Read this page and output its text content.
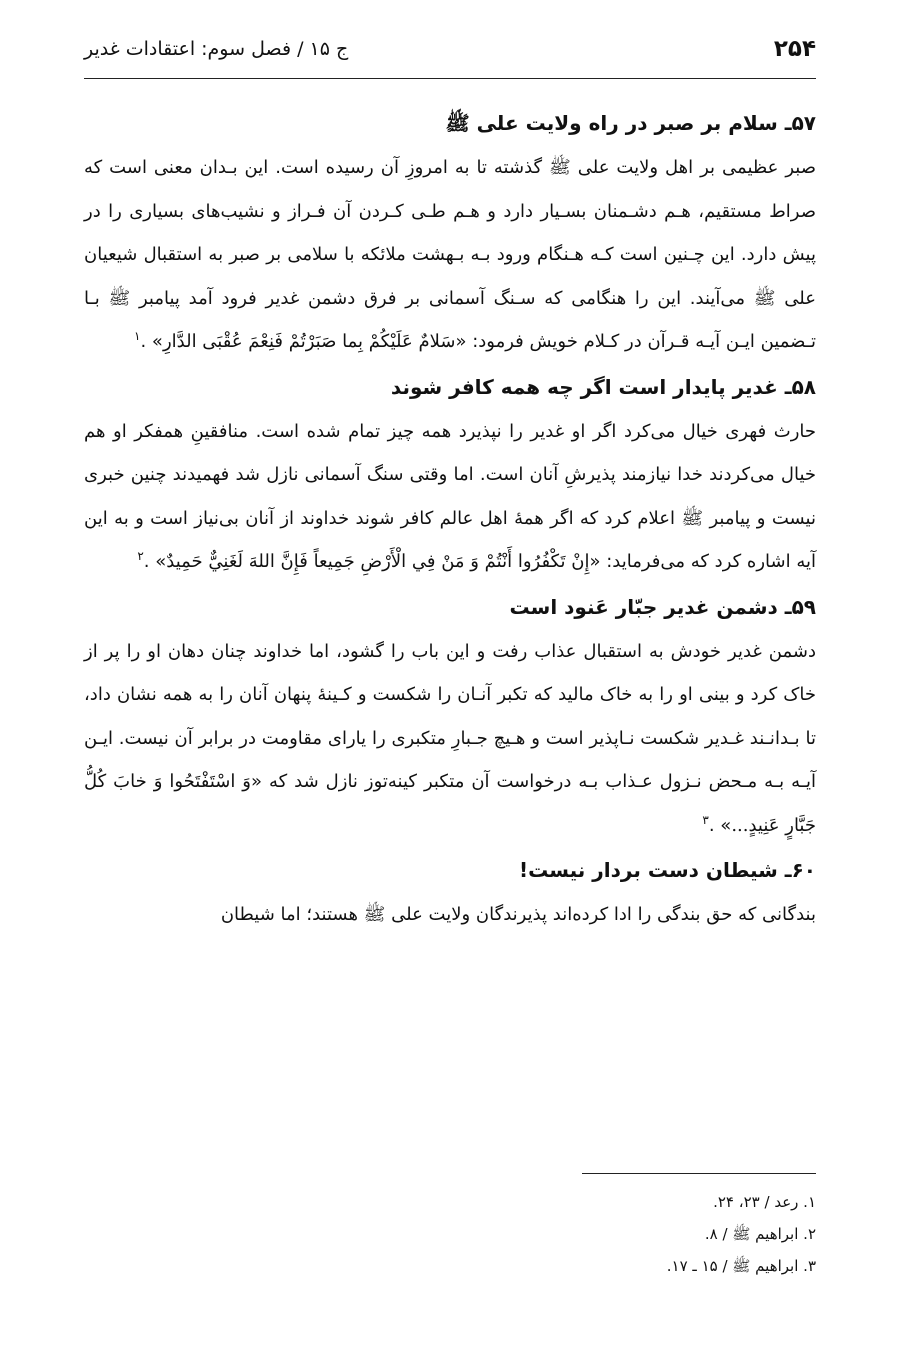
۲۵۴
ج ۱۵ / فصل سوم: اعتقادات غدیر
۵۷ـ سلام بر صبر در راه ولایت علی ﷺ

صبر عظیمی بر اهل ولایت علی ﷺ گذشته تا به امروزِ آن رسیده است. این بـدان معنی است که صراط مستقیم، هـم دشـمنان بسـیار دارد و هـم طـی کـردن آن فـراز و نشیب‌های بسیاری را در پیش دارد. این چـنین است کـه هـنگام ورود بـه بـهشت ملائکه با سلامی بر صبر به استقبال شیعیان علی ﷺ می‌آیند. این را هنگامی که سـنگ آسمانی بر فرق دشمن غدیر فرود آمد پیامبر ﷺ بـا تـضمین ایـن آیـه قـرآن در کـلام خویش فرمود: «سَلامٌ عَلَيْكُمْ بِما صَبَرْتُمْ فَنِعْمَ عُقْبَى الدَّارِ» .$^۱$

۵۸ـ غدیر پایدار است اگر چه همه کافر شوند

حارث فهری خیال می‌کرد اگر او غدیر را نپذیرد همه چیز تمام شده است. منافقینِ همفکر او هم خیال می‌کردند خدا نیازمند پذیرشِ آنان است. اما وقتی سنگ آسمانی نازل شد فهمیدند چنین خبری نیست و پیامبر ﷺ اعلام کرد که اگر همهٔ اهل عالم کافر شوند خداوند از آنان بی‌نیاز است و به این آیه اشاره کرد که می‌فرماید: «إِنْ تَكْفُرُوا أَنْتُمْ وَ مَنْ فِي الْأَرْضِ جَمِيعاً فَإِنَّ اللهَ لَغَنِيٌّ حَمِيدٌ» .$^۲$

۵۹ـ دشمن غدیر جبّار عَنود است

دشمن غدیر خودش به استقبال عذاب رفت و این باب را گشود، اما خداوند چنان دهان او را پر از خاک کرد و بینی او را به خاک مالید که تکبر آنـان را شکست و کـینهٔ پنهان آنان را به همه نشان داد، تا بـدانـند غـدیر شکست نـاپذیر است و هـیچ جـبارِ متکبری را یارای مقاومت در برابر آن نیست. ایـن آیـه بـه مـحض نـزول عـذاب بـه درخواست آن متکبر کینه‌توز نازل شد که «وَ اسْتَفْتَحُوا وَ خابَ كُلُّ جَبَّارٍ عَنِيدٍ...» .$^۳$

۶۰ـ شیطان دست بردار نیست!

بندگانی که حق بندگی را ادا کرده‌اند پذیرندگان ولایت علی ﷺ هستند؛ اما شیطان

۱. رعد / ۲۳، ۲۴.

۲. ابراهیم ﷺ / ۸.

۳. ابراهیم ﷺ / ۱۵ ـ ۱۷.
